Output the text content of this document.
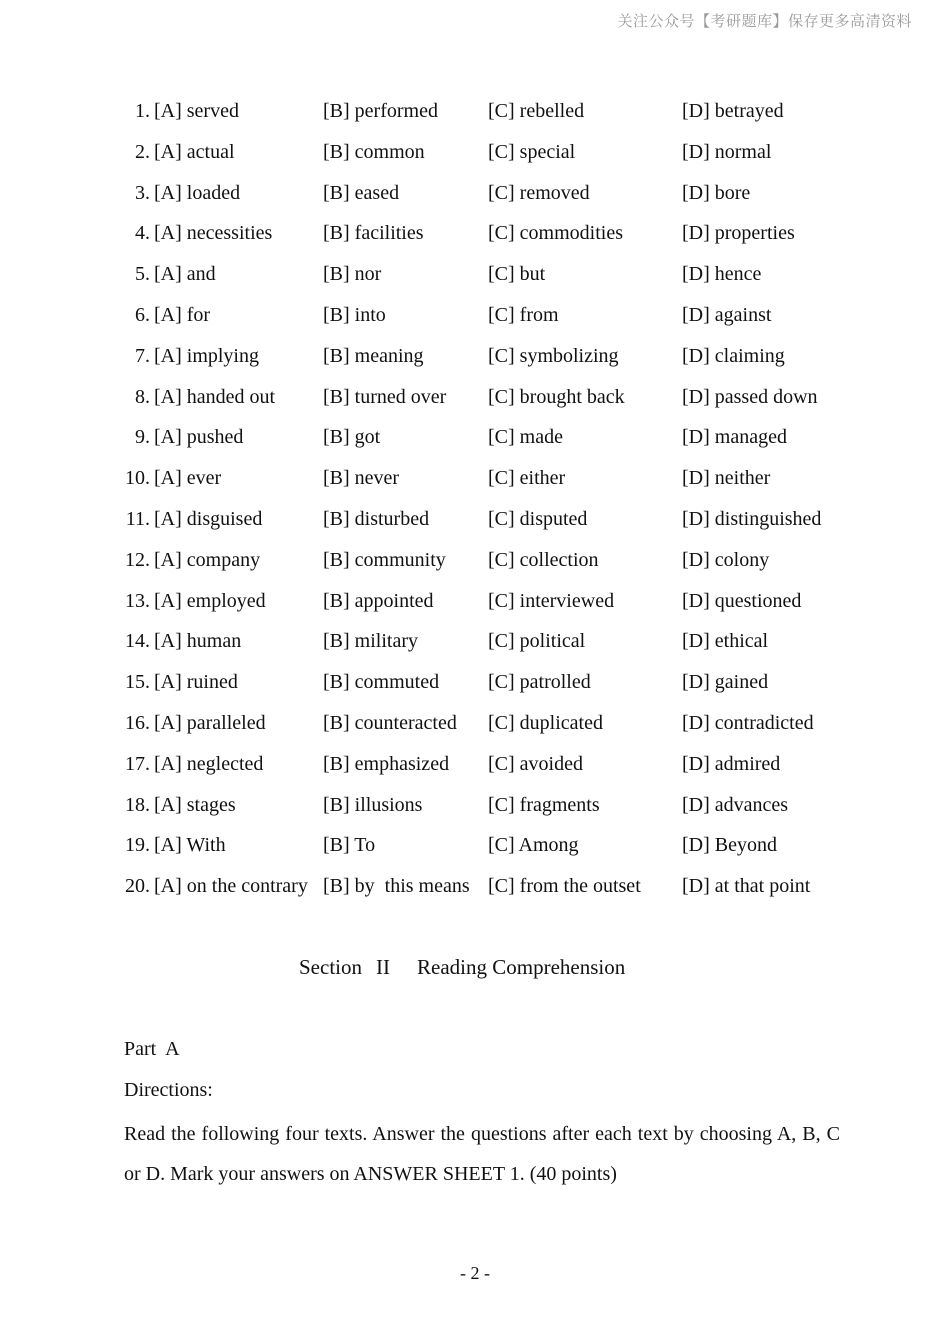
关注公众号【考研题库】保存更多高清资料
1. [A] served	[B] performed	[C] rebelled	[D] betrayed
2. [A] actual	[B] common	[C] special	[D] normal
3. [A] loaded	[B] eased	[C] removed	[D] bore
4. [A] necessities	[B] facilities	[C] commodities	[D] properties
5. [A] and	[B] nor	[C] but	[D] hence
6. [A] for	[B] into	[C] from	[D] against
7. [A] implying	[B] meaning	[C] symbolizing	[D] claiming
8. [A] handed out [B] turned over [C] brought back	[D] passed down
9. [A] pushed	[B] got	[C] made	[D] managed
10. [A] ever	[B] never	[C] either	[D] neither
11. [A] disguised	[B] disturbed	[C] disputed	[D] distinguished
12. [A] company	[B] community [C] collection	[D] colony
13. [A] employed	[B] appointed	[C] interviewed	[D] questioned
14. [A] human	[B] military	[C] political	[D] ethical
15. [A] ruined	[B] commuted [C] patrolled	[D] gained
16. [A] paralleled	[B] counteracted [C] duplicated	[D] contradicted
17. [A] neglected	[B] emphasized [C] avoided	[D] admired
18. [A] stages	[B] illusions	[C] fragments	[D] advances
19. [A] With	[B] To	[C] Among	[D] Beyond
20. [A] on the contrary [B] by  this means [C] from the outset [D] at that point
Section II Reading Comprehension
Part  A
Directions:
Read the following four texts. Answer the questions after each text by choosing A, B, C or D. Mark your answers on ANSWER SHEET 1. (40 points)
- 2 -
